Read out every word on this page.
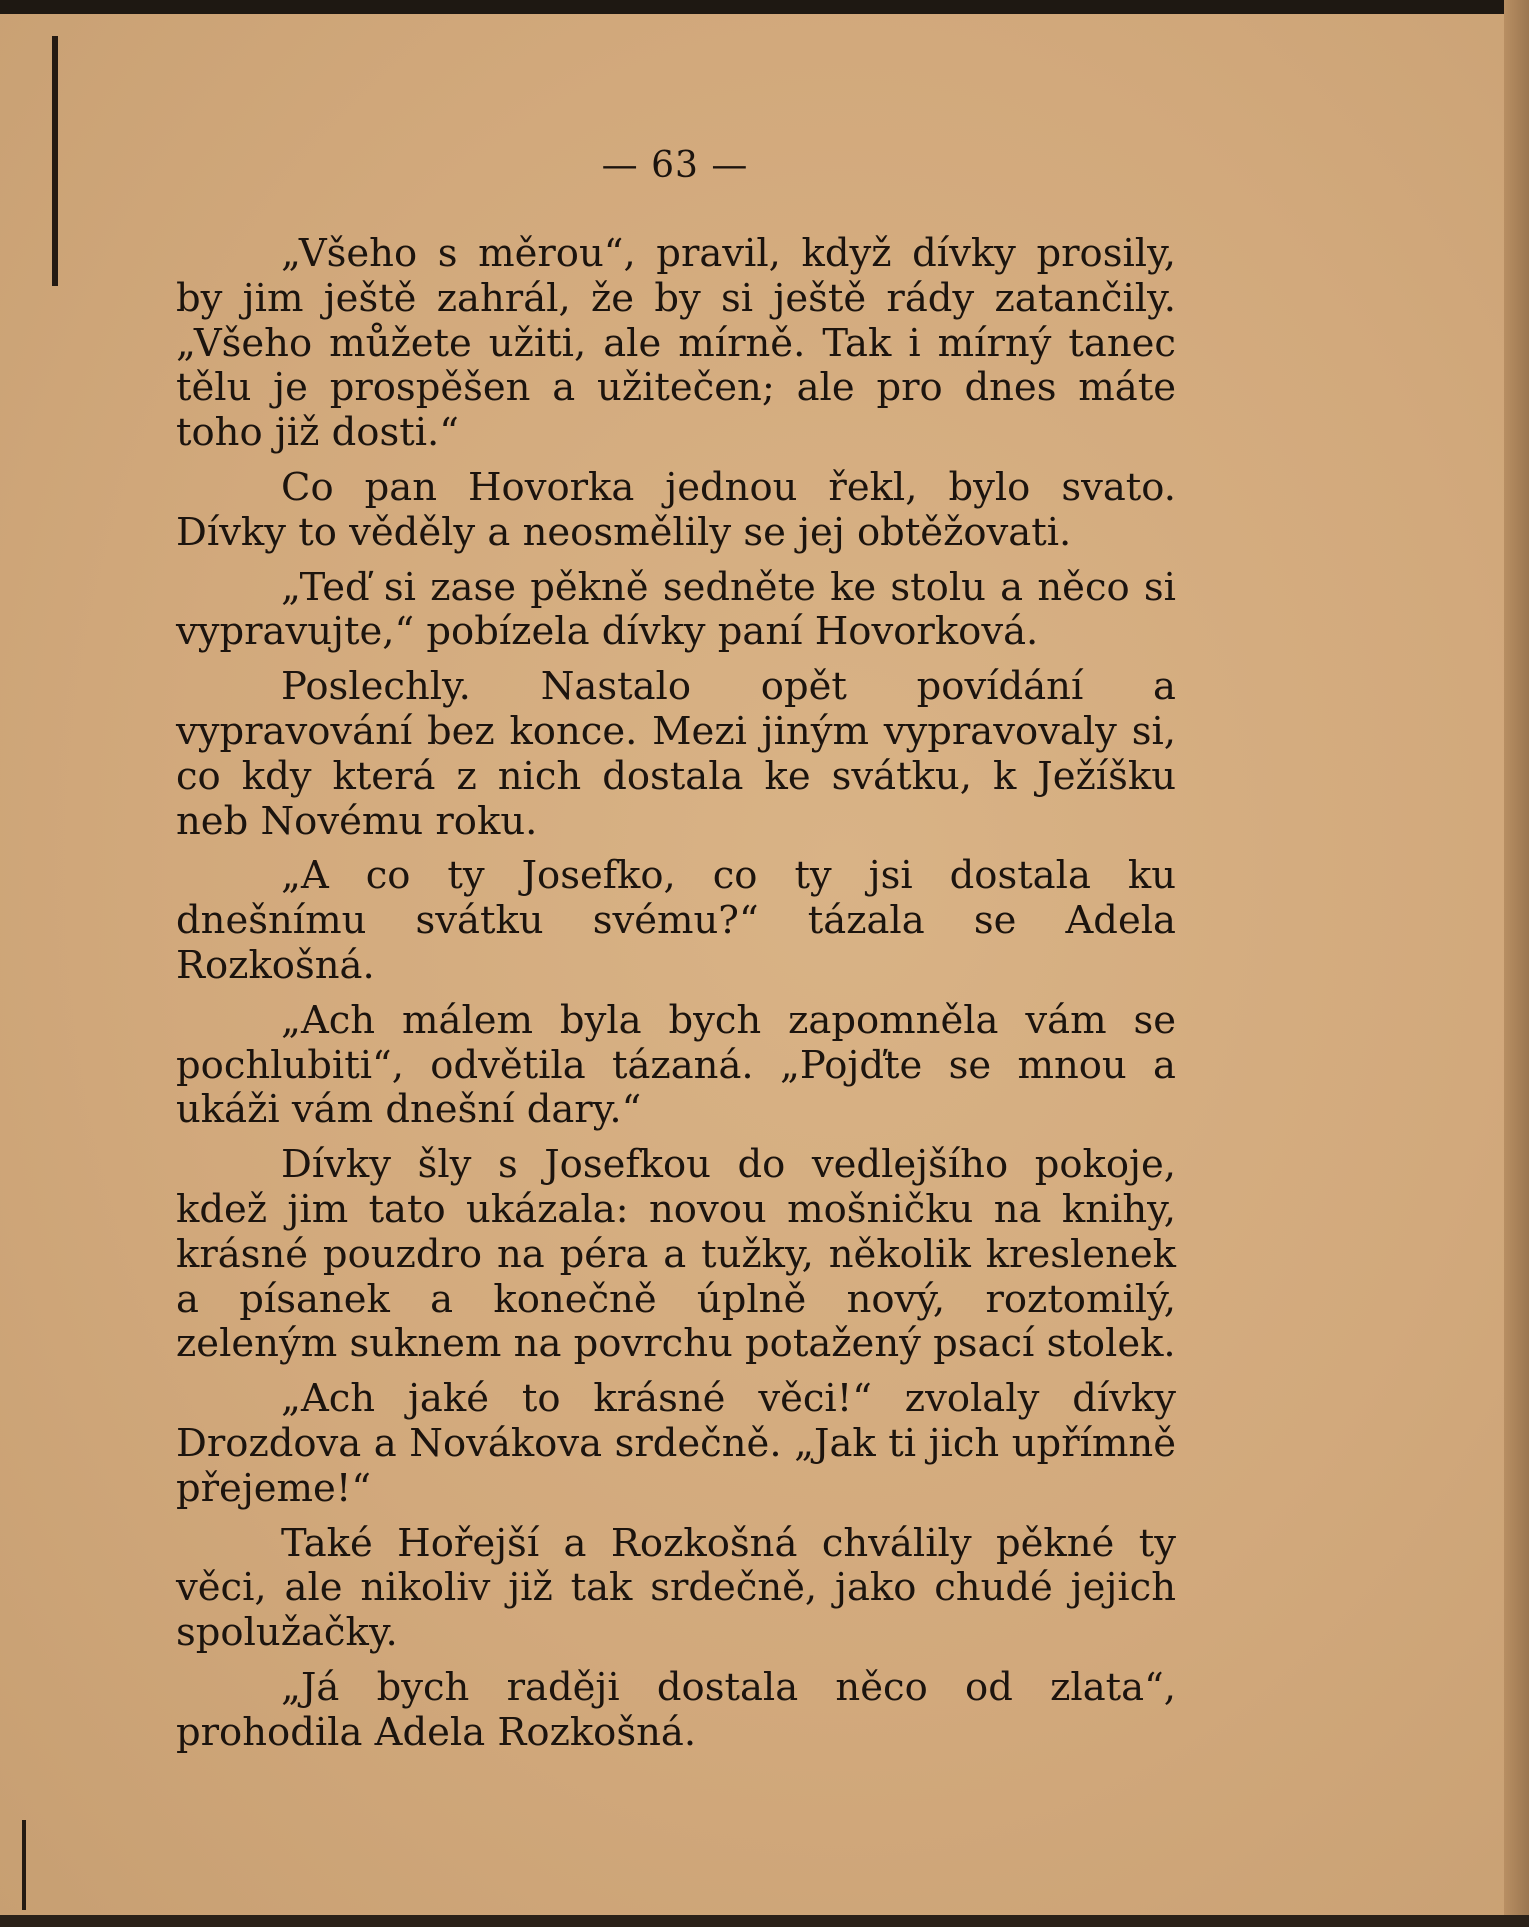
— 63 —

„Všeho s měrou“, pravil, když dívky prosily, by jim ještě zahrál, že by si ještě rády zatančily. „Všeho můžete užiti, ale mírně. Tak i mírný tanec tělu je prospěšen a užitečen; ale pro dnes máte toho již dosti.“

Co pan Hovorka jednou řekl, bylo svato. Dívky to věděly a neosmělily se jej obtěžovati.

„Teď si zase pěkně sedněte ke stolu a něco si vypravujte,“ pobízela dívky paní Hovorková.

Poslechly. Nastalo opět povídání a vypravování bez konce. Mezi jiným vypravovaly si, co kdy která z nich dostala ke svátku, k Ježíšku neb Novému roku.

„A co ty Josefko, co ty jsi dostala ku dnešnímu svátku svému?“ tázala se Adela Rozkošná.

„Ach málem byla bych zapomněla vám se pochlubiti“, odvětila tázaná. „Pojďte se mnou a ukáži vám dnešní dary.“

Dívky šly s Josefkou do vedlejšího pokoje, kdež jim tato ukázala: novou mošničku na knihy, krásné pouzdro na péra a tužky, několik kreslenek a písanek a konečně úplně nový, roztomilý, zeleným suknem na povrchu potažený psací stolek.

„Ach jaké to krásné věci!“ zvolaly dívky Drozdova a Novákova srdečně. „Jak ti jich upřímně přejeme!“

Také Hořejší a Rozkošná chválily pěkné ty věci, ale nikoliv již tak srdečně, jako chudé jejich spolužačky.

„Já bych raději dostala něco od zlata“, prohodila Adela Rozkošná.
